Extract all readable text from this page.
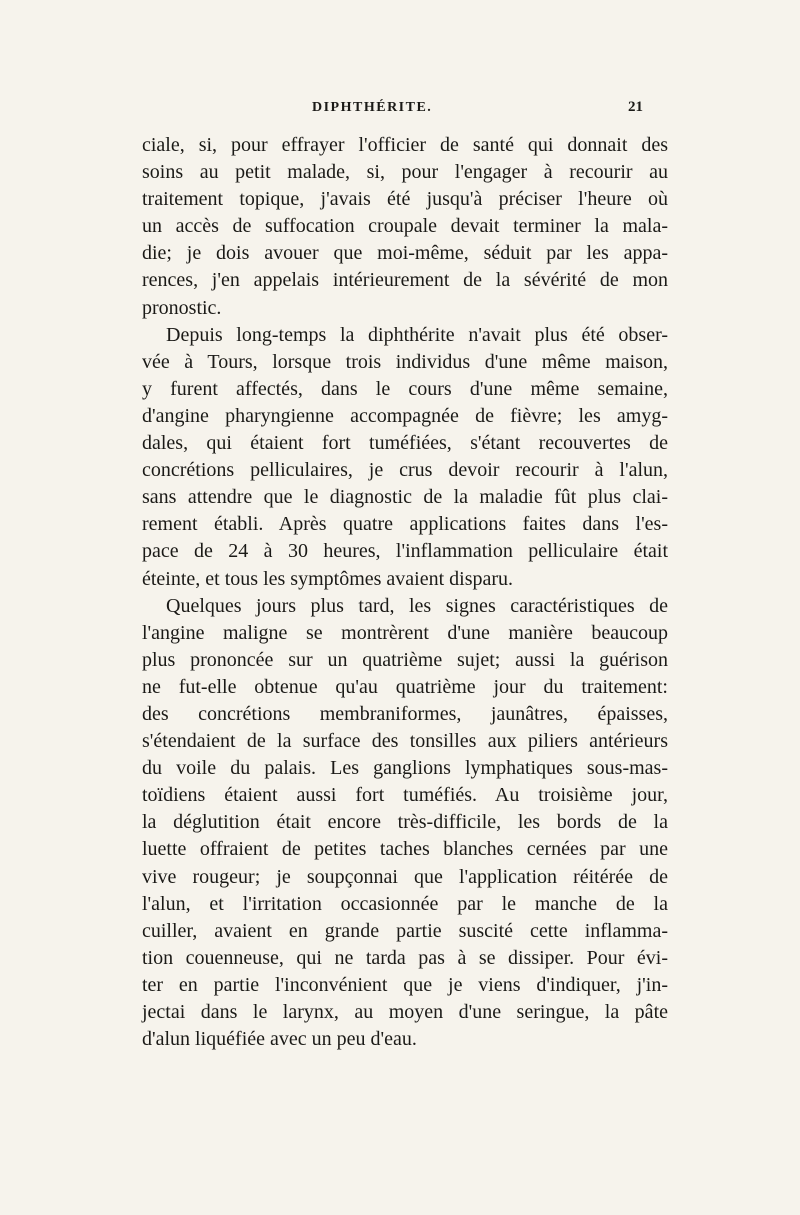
DIPHTHÉRITE.	21
ciale, si, pour effrayer l'officier de santé qui donnait des
soins au petit malade, si, pour l'engager à recourir au
traitement topique, j'avais été jusqu'à préciser l'heure où
un accès de suffocation croupale devait terminer la mala-
die; je dois avouer que moi-même, séduit par les appa-
rences, j'en appelais intérieurement de la sévérité de mon
pronostic.
Depuis long-temps la diphthérite n'avait plus été obser-
vée à Tours, lorsque trois individus d'une même maison,
y furent affectés, dans le cours d'une même semaine,
d'angine pharyngienne accompagnée de fièvre; les amyg-
dales, qui étaient fort tuméfiées, s'étant recouvertes de
concrétions pelliculaires, je crus devoir recourir à l'alun,
sans attendre que le diagnostic de la maladie fût plus clai-
rement établi. Après quatre applications faites dans l'es-
pace de 24 à 30 heures, l'inflammation pelliculaire était
éteinte, et tous les symptômes avaient disparu.
Quelques jours plus tard, les signes caractéristiques de
l'angine maligne se montrèrent d'une manière beaucoup
plus prononcée sur un quatrième sujet; aussi la guérison
ne fut-elle obtenue qu'au quatrième jour du traitement:
des concrétions membraniformes, jaunâtres, épaisses,
s'étendaient de la surface des tonsilles aux piliers antérieurs
du voile du palais. Les ganglions lymphatiques sous-mas-
toïdiens étaient aussi fort tuméfiés. Au troisième jour,
la déglutition était encore très-difficile, les bords de la
luette offraient de petites taches blanches cernées par une
vive rougeur; je soupçonnai que l'application réitérée de
l'alun, et l'irritation occasionnée par le manche de la
cuiller, avaient en grande partie suscité cette inflamma-
tion couenneuse, qui ne tarda pas à se dissiper. Pour évi-
ter en partie l'inconvénient que je viens d'indiquer, j'in-
jectai dans le larynx, au moyen d'une seringue, la pâte
d'alun liquéfiée avec un peu d'eau.
